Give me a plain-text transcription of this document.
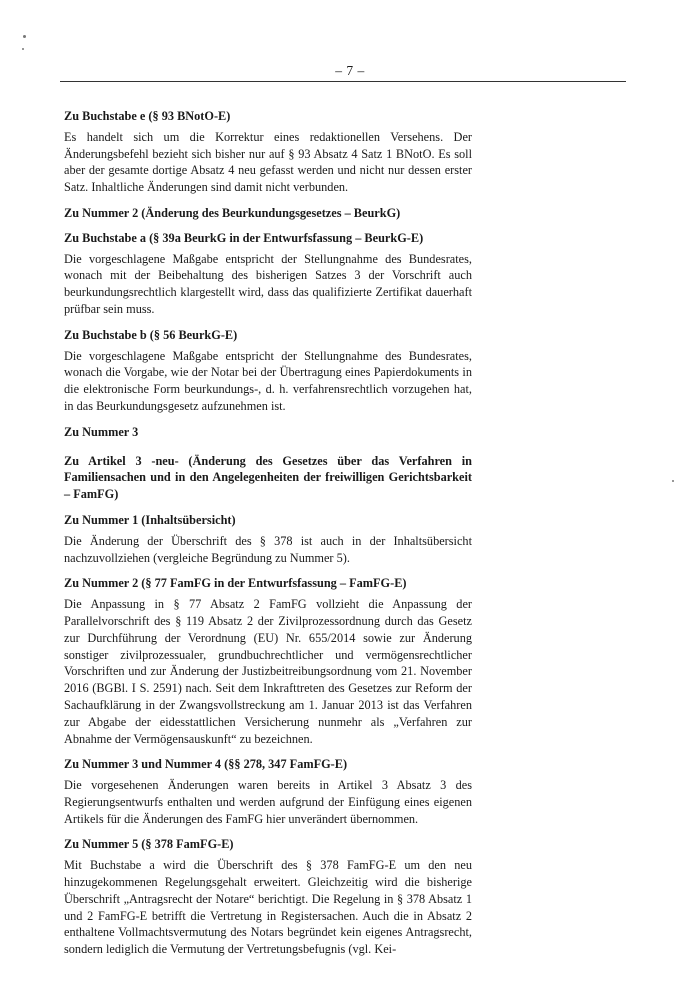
– 7 –

Zu Buchstabe e (§ 93 BNotO-E)

Es handelt sich um die Korrektur eines redaktionellen Versehens. Der Änderungsbefehl bezieht sich bisher nur auf § 93 Absatz 4 Satz 1 BNotO. Es soll aber der gesamte dortige Absatz 4 neu gefasst werden und nicht nur dessen erster Satz. Inhaltliche Änderungen sind damit nicht verbunden.

Zu Nummer 2 (Änderung des Beurkundungsgesetzes – BeurkG)

Zu Buchstabe a (§ 39a BeurkG in der Entwurfsfassung – BeurkG-E)

Die vorgeschlagene Maßgabe entspricht der Stellungnahme des Bundesrates, wonach mit der Beibehaltung des bisherigen Satzes 3 der Vorschrift auch beurkundungsrechtlich klargestellt wird, dass das qualifizierte Zertifikat dauerhaft prüfbar sein muss.

Zu Buchstabe b (§ 56 BeurkG-E)

Die vorgeschlagene Maßgabe entspricht der Stellungnahme des Bundesrates, wonach die Vorgabe, wie der Notar bei der Übertragung eines Papierdokuments in die elektronische Form beurkundungs-, d. h. verfahrensrechtlich vorzugehen hat, in das Beurkundungsgesetz aufzunehmen ist.

Zu Nummer 3

Zu Artikel 3 -neu- (Änderung des Gesetzes über das Verfahren in Familiensachen und in den Angelegenheiten der freiwilligen Gerichtsbarkeit – FamFG)

Zu Nummer 1 (Inhaltsübersicht)

Die Änderung der Überschrift des § 378 ist auch in der Inhaltsübersicht nachzuvollziehen (vergleiche Begründung zu Nummer 5).

Zu Nummer 2 (§ 77 FamFG in der Entwurfsfassung – FamFG-E)

Die Anpassung in § 77 Absatz 2 FamFG vollzieht die Anpassung der Parallelvorschrift des § 119 Absatz 2 der Zivilprozessordnung durch das Gesetz zur Durchführung der Verordnung (EU) Nr. 655/2014 sowie zur Änderung sonstiger zivilprozessualer, grundbuchrechtlicher und vermögensrechtlicher Vorschriften und zur Änderung der Justizbeitreibungsordnung vom 21. November 2016 (BGBl. I S. 2591) nach. Seit dem Inkrafttreten des Gesetzes zur Reform der Sachaufklärung in der Zwangsvollstreckung am 1. Januar 2013 ist das Verfahren zur Abgabe der eidesstattlichen Versicherung nunmehr als „Verfahren zur Abnahme der Vermögensauskunft“ zu bezeichnen.

Zu Nummer 3 und Nummer 4 (§§ 278, 347 FamFG-E)

Die vorgesehenen Änderungen waren bereits in Artikel 3 Absatz 3 des Regierungsentwurfs enthalten und werden aufgrund der Einfügung eines eigenen Artikels für die Änderungen des FamFG hier unverändert übernommen.

Zu Nummer 5 (§ 378 FamFG-E)

Mit Buchstabe a wird die Überschrift des § 378 FamFG-E um den neu hinzugekommenen Regelungsgehalt erweitert. Gleichzeitig wird die bisherige Überschrift „Antragsrecht der Notare“ berichtigt. Die Regelung in § 378 Absatz 1 und 2 FamFG-E betrifft die Vertretung in Registersachen. Auch die in Absatz 2 enthaltene Vollmachtsvermutung des Notars begründet kein eigenes Antragsrecht, sondern lediglich die Vermutung der Vertretungsbefugnis (vgl. Kei-
